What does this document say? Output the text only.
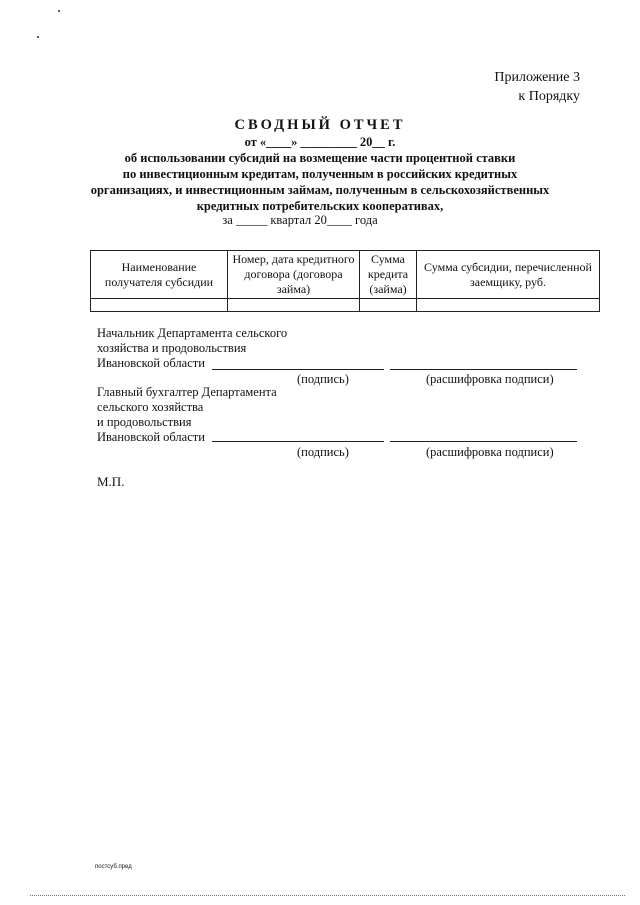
Приложение 3
к Порядку
СВОДНЫЙ ОТЧЕТ
от «____» _________ 20__ г.
об использовании субсидий на возмещение части процентной ставки
по инвестиционным кредитам, полученным в российских кредитных
организациях, и инвестиционным займам, полученным в сельскохозяйственных
кредитных потребительских кооперативах,
за _____ квартал 20____ года
Наименование получателя субсидии	Номер, дата кредитного договора (договора займа)	Сумма кредита (займа)	Сумма субсидии, перечисленной заемщику, руб.

Начальник Департамента сельского
хозяйства и продовольствия
Ивановской области
(подпись)	(расшифровка подписи)
Главный бухгалтер Департамента
сельского хозяйства
и продовольствия
Ивановской области
(подпись)	(расшифровка подписи)
М.П.
постсуб.пред
